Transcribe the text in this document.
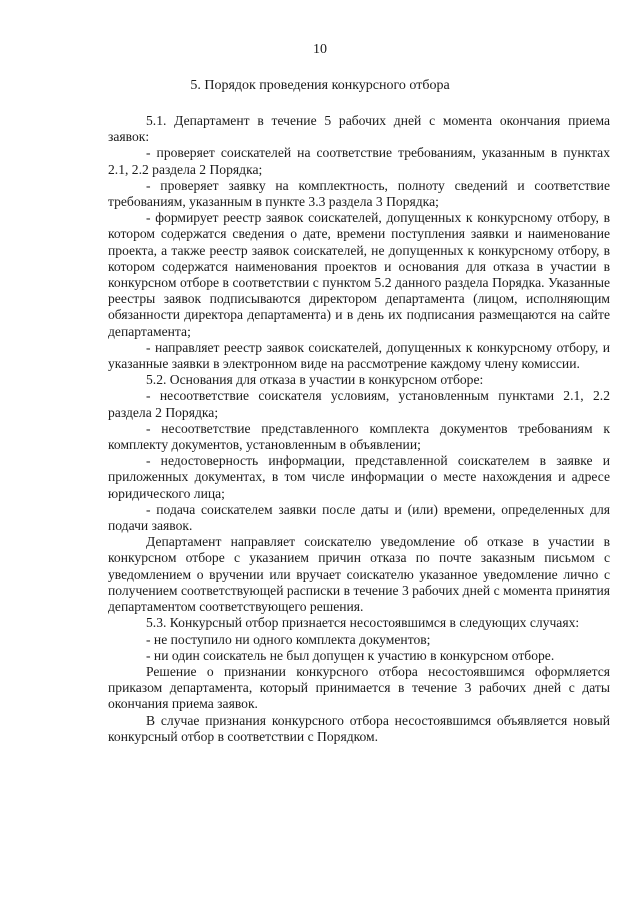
10
5. Порядок проведения конкурсного отбора

5.1. Департамент в течение 5 рабочих дней с момента окончания приема заявок:

- проверяет соискателей на соответствие требованиям, указанным в пунктах 2.1, 2.2 раздела 2 Порядка;

- проверяет заявку на комплектность, полноту сведений и соответствие требованиям, указанным в пункте 3.3 раздела 3 Порядка;

- формирует реестр заявок соискателей, допущенных к конкурсному отбору, в котором содержатся сведения о дате, времени поступления заявки и наименование проекта, а также реестр заявок соискателей, не допущенных к конкурсному отбору, в котором содержатся наименования проектов и основания для отказа в участии в конкурсном отборе в соответствии с пунктом 5.2 данного раздела Порядка. Указанные реестры заявок подписываются директором департамента (лицом, исполняющим обязанности директора департамента) и в день их подписания размещаются на сайте департамента;

- направляет реестр заявок соискателей, допущенных к конкурсному отбору, и указанные заявки в электронном виде на рассмотрение каждому члену комиссии.

5.2. Основания для отказа в участии в конкурсном отборе:

- несоответствие соискателя условиям, установленным пунктами 2.1, 2.2 раздела 2 Порядка;

- несоответствие представленного комплекта документов требованиям к комплекту документов, установленным в объявлении;

- недостоверность информации, представленной соискателем в заявке и приложенных документах, в том числе информации о месте нахождения и адресе юридического лица;

- подача соискателем заявки после даты и (или) времени, определенных для подачи заявок.

Департамент направляет соискателю уведомление об отказе в участии в конкурсном отборе с указанием причин отказа по почте заказным письмом с уведомлением о вручении или вручает соискателю указанное уведомление лично с получением соответствующей расписки в течение 3 рабочих дней с момента принятия департаментом соответствующего решения.

5.3. Конкурсный отбор признается несостоявшимся в следующих случаях:

- не поступило ни одного комплекта документов;

- ни один соискатель не был допущен к участию в конкурсном отборе.

Решение о признании конкурсного отбора несостоявшимся оформляется приказом департамента, который принимается в течение 3 рабочих дней с даты окончания приема заявок.

В случае признания конкурсного отбора несостоявшимся объявляется новый конкурсный отбор в соответствии с Порядком.
